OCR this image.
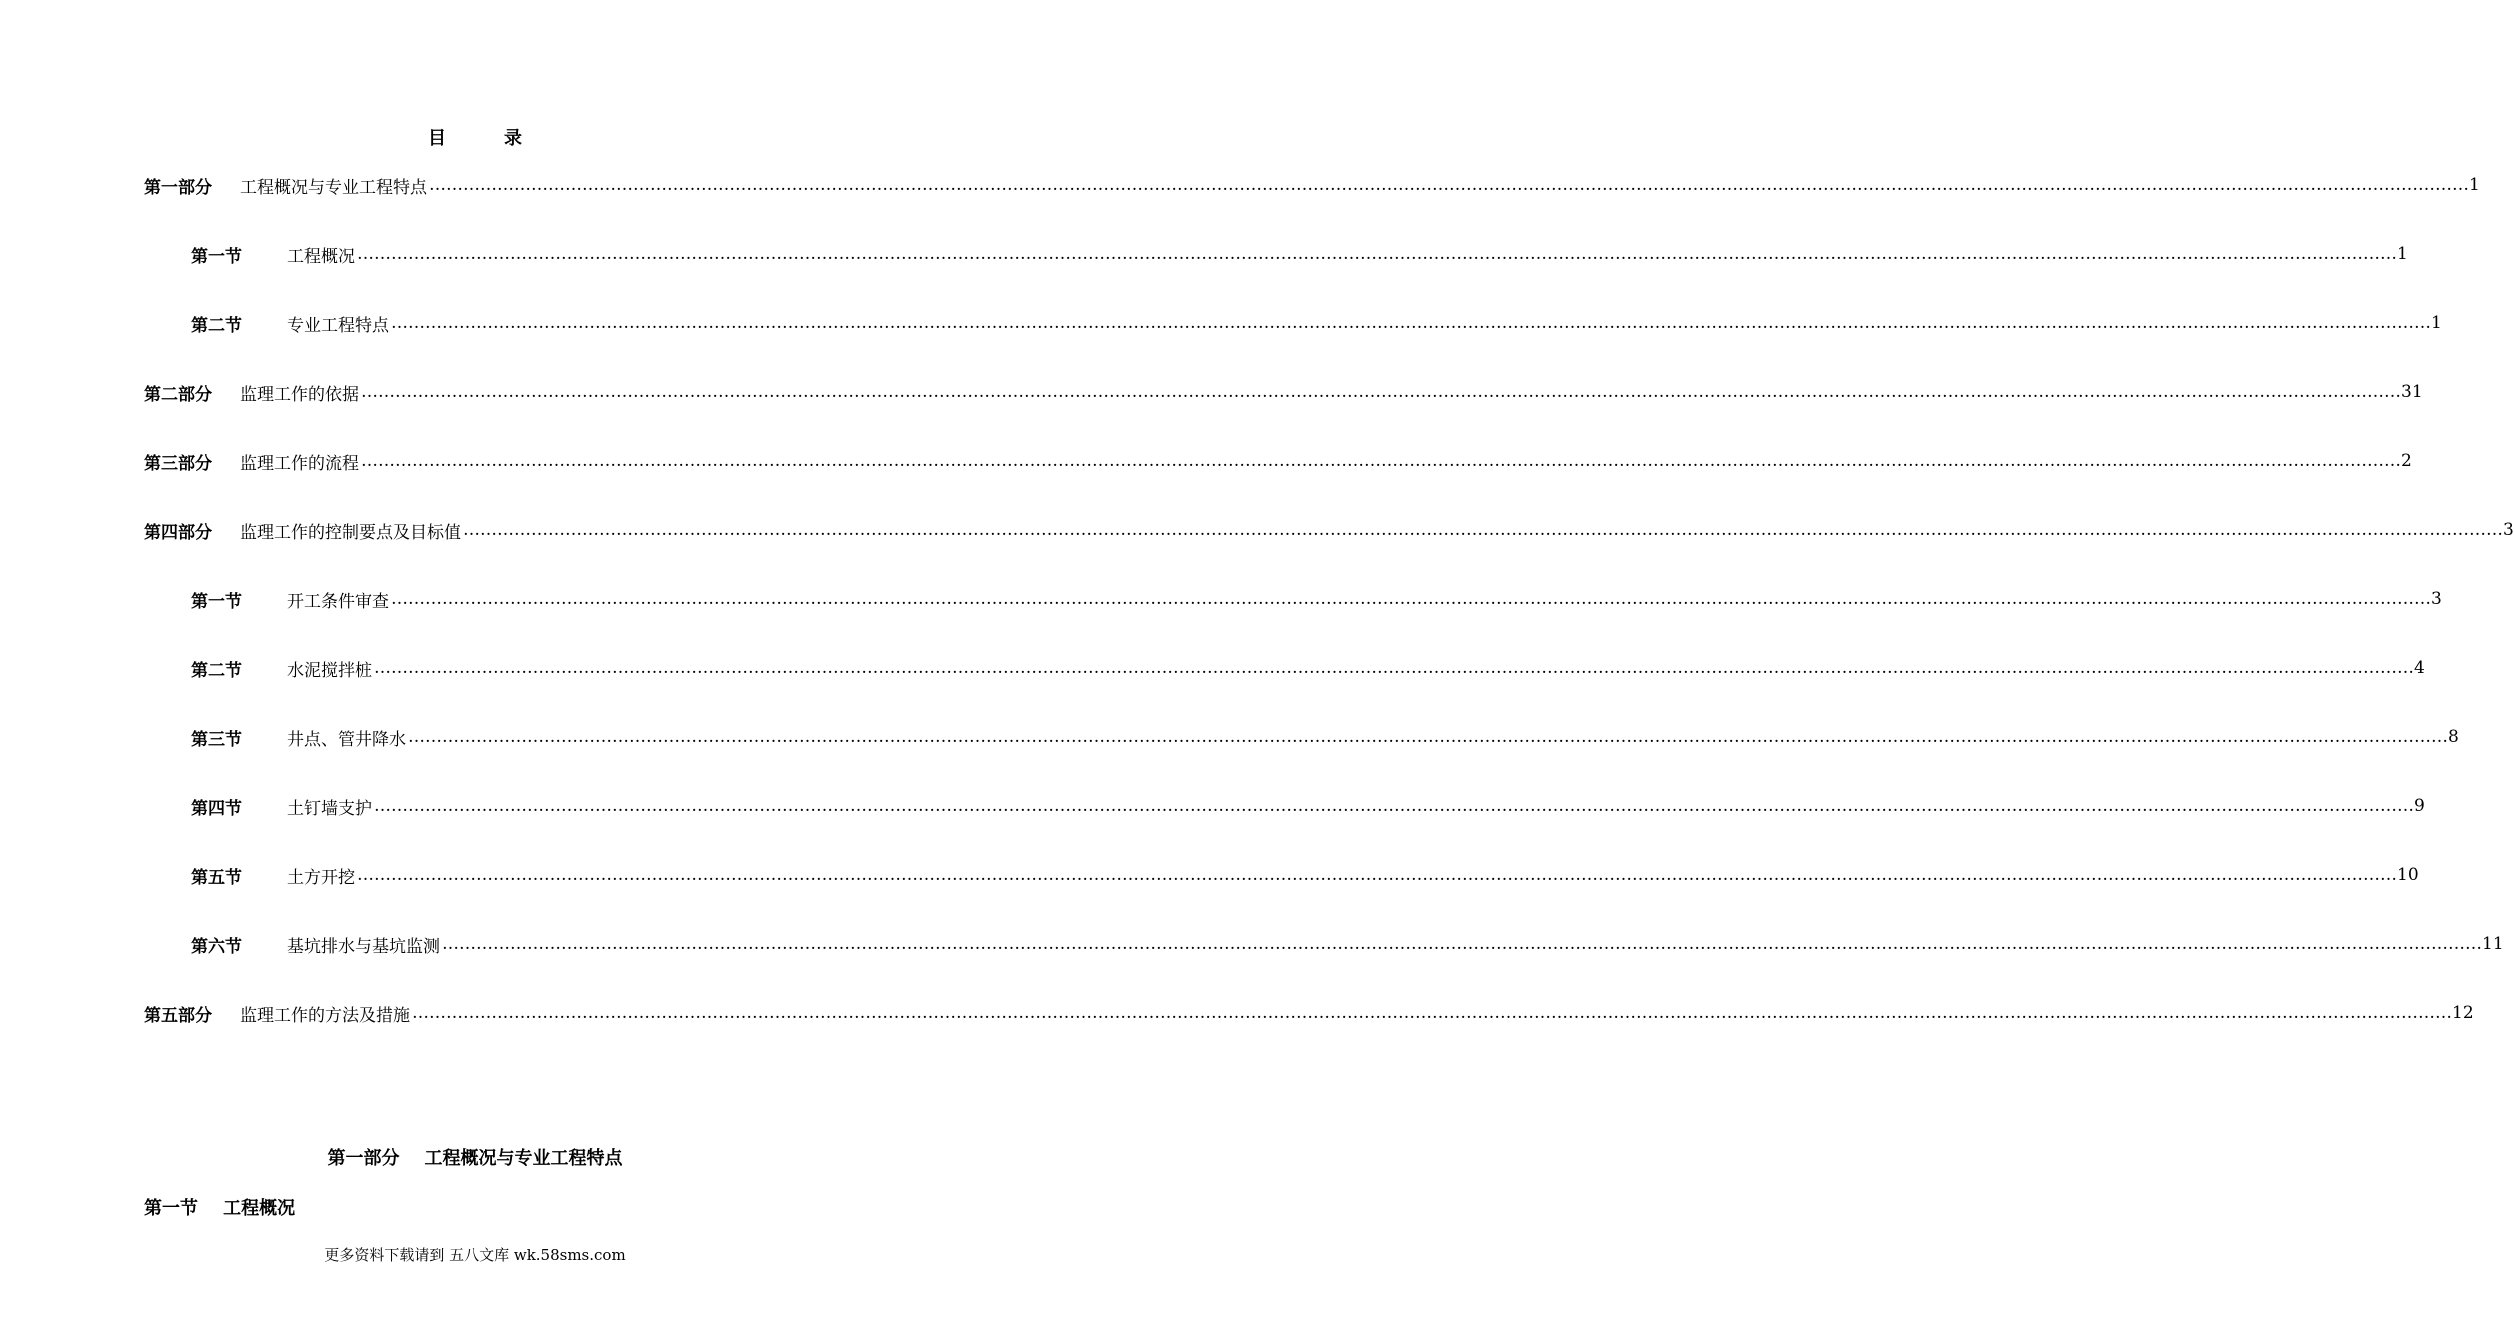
目	录
第一部分	工程概况与专业工程特点 ……………………………………………………………………………………………………………………………………………………………………………………………………………………………………………………………………………………………………………………………… 1
第一节	工程概况 ……………………………………………………………………………………………………………………………………………………………………………………………………………………………………………………………………………………………………………………………… 1
第二节	专业工程特点 ……………………………………………………………………………………………………………………………………………………………………………………………………………………………………………………………………………………………………………………………… 1
第二部分	监理工作的依据 ……………………………………………………………………………………………………………………………………………………………………………………………………………………………………………………………………………………………………………………………… 31
第三部分	监理工作的流程 ……………………………………………………………………………………………………………………………………………………………………………………………………………………………………………………………………………………………………………………………… 2
第四部分	监理工作的控制要点及目标值 ……………………………………………………………………………………………………………………………………………………………………………………………………………………………………………………………………………………………………………………………… 3
第一节	开工条件审查 ……………………………………………………………………………………………………………………………………………………………………………………………………………………………………………………………………………………………………………………………… 3
第二节	水泥搅拌桩 ……………………………………………………………………………………………………………………………………………………………………………………………………………………………………………………………………………………………………………………………… 4
第三节	井点、管井降水 ……………………………………………………………………………………………………………………………………………………………………………………………………………………………………………………………………………………………………………………………… 8
第四节	土钉墙支护 ……………………………………………………………………………………………………………………………………………………………………………………………………………………………………………………………………………………………………………………………… 9
第五节	土方开挖 ……………………………………………………………………………………………………………………………………………………………………………………………………………………………………………………………………………………………………………………………… 10
第六节	基坑排水与基坑监测 ……………………………………………………………………………………………………………………………………………………………………………………………………………………………………………………………………………………………………………………………… 11
第五部分	监理工作的方法及措施 ……………………………………………………………………………………………………………………………………………………………………………………………………………………………………………………………………………………………………………………………… 12
第一部分 工程概况与专业工程特点
第一节 工程概况
更多资料下载请到 五八文库 wk.58sms.com
